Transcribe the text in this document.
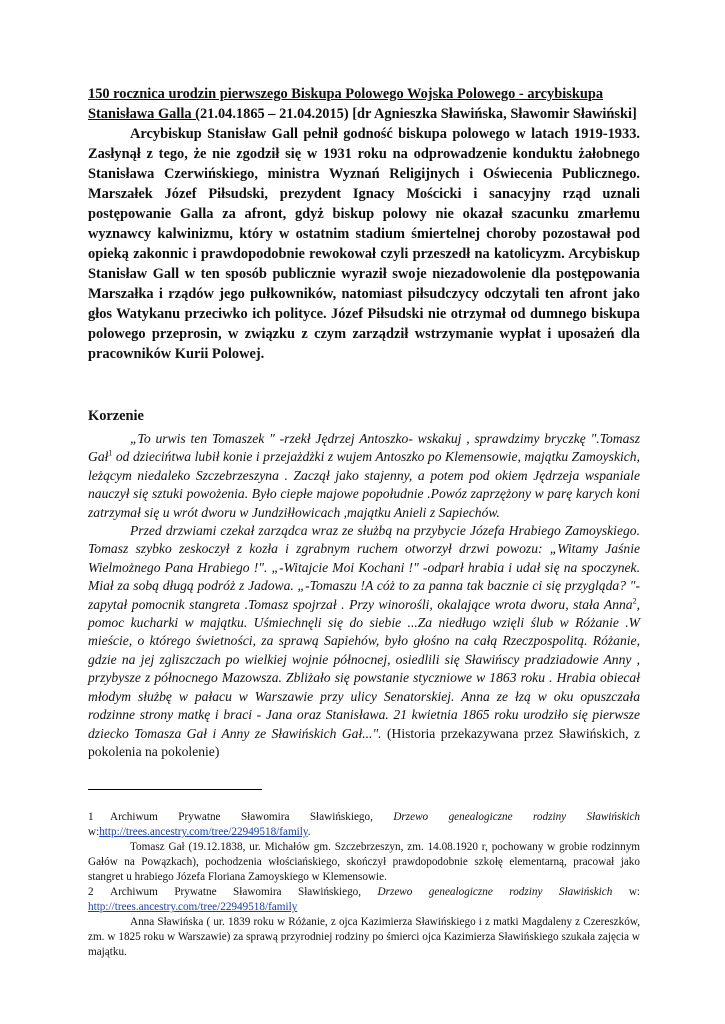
150 rocznica urodzin pierwszego Biskupa Polowego Wojska Polowego - arcybiskupa Stanisława Galla (21.04.1865 – 21.04.2015) [dr Agnieszka Sławińska, Sławomir Sławiński]

Arcybiskup Stanisław Gall pełnił godność biskupa polowego w latach 1919-1933. Zasłynął z tego, że nie zgodził się w 1931 roku na odprowadzenie konduktu żałobnego Stanisława Czerwińskiego, ministra Wyznań Religijnych i Oświecenia Publicznego. Marszałek Józef Piłsudski, prezydent Ignacy Mościcki i sanacyjny rząd uznali postępowanie Galla za afront, gdyż biskup polowy nie okazał szacunku zmarłemu wyznawcy kalwinizmu, który w ostatnim stadium śmiertelnej choroby pozostawał pod opieką zakonnic i prawdopodobnie rewokował czyli przeszedł na katolicyzm. Arcybiskup Stanisław Gall w ten sposób publicznie wyraził swoje niezadowolenie dla postępowania Marszałka i rządów jego pułkowników, natomiast piłsudczycy odczytali ten afront jako głos Watykanu przeciwko ich polityce. Józef Piłsudski nie otrzymał od dumnego biskupa polowego przeprosin, w związku z czym zarządził wstrzymanie wypłat i uposażeń dla pracowników Kurii Polowej.

Korzenie

„To urwis ten Tomaszek " -rzekł Jędrzej Antoszko- wskakuj , sprawdzimy bryczkę ".Tomasz Gał$^1$ od dziecińtwa lubił konie i przejażdżki z wujem Antoszko po Klemensowie, majątku Zamoyskich, leżącym niedaleko Szczebrzeszyna . Zaczął jako stajenny, a potem pod okiem Jędrzeja wspaniale nauczył się sztuki powożenia. Było ciepłe majowe popołudnie .Powóz zaprzężony w parę karych koni zatrzymał się u wrót dworu w Jundziłłowicach ,majątku Anieli z Sapiechów.

Przed drzwiami czekał zarządca wraz ze służbą na przybycie Józefa Hrabiego Zamoyskiego. Tomasz szybko zeskoczył z kozła i zgrabnym ruchem otworzył drzwi powozu: „Witamy Jaśnie Wielmożnego Pana Hrabiego !". „-Witajcie Moi Kochani !" -odparł hrabia i udał się na spoczynek. Miał za sobą długą podróż z Jadowa. „-Tomaszu !A cóż to za panna tak bacznie ci się przygląda? "- zapytał pomocnik stangreta .Tomasz spojrzał . Przy winorośli, okalające wrota dworu, stała Anna$^2$, pomoc kucharki w majątku. Uśmiechnęli się do siebie ...Za niedługo wzięli ślub w Różanie .W mieście, o którego świetności, za sprawą Sapiehów, było głośno na całą Rzeczpospolitą. Różanie, gdzie na jej zgliszczach po wielkiej wojnie północnej, osiedlili się Sławińscy pradziadowie Anny , przybysze z północnego Mazowsza. Zbliżało się powstanie styczniowe w 1863 roku . Hrabia obiecał młodym służbę w pałacu w Warszawie przy ulicy Senatorskiej. Anna ze łzą w oku opuszczała rodzinne strony matkę i braci - Jana oraz Stanisława. 21 kwietnia 1865 roku urodziło się pierwsze dziecko Tomasza Gał i Anny ze Sławińskich Gał...". (Historia przekazywana przez Sławińskich, z pokolenia na pokolenie)

1 Archiwum Prywatne Sławomira Sławińskiego, Drzewo genealogiczne rodziny Sławińskich w:http://trees.ancestry.com/tree/22949518/family.

Tomasz Gał (19.12.1838, ur. Michałów gm. Szczebrzeszyn, zm. 14.08.1920 r, pochowany w grobie rodzinnym Gałów na Powązkach), pochodzenia włościańskiego, skończył prawdopodobnie szkołę elementarną, pracował jako stangret u hrabiego Józefa Floriana Zamoyskiego w Klemensowie.

2 Archiwum Prywatne Sławomira Sławińskiego, Drzewo genealogiczne rodziny Sławińskich w: http://trees.ancestry.com/tree/22949518/family

Anna Sławińska ( ur. 1839 roku w Różanie, z ojca Kazimierza Sławińskiego i z matki Magdaleny z Czereszków, zm. w 1825 roku w Warszawie) za sprawą przyrodniej rodziny po śmierci ojca Kazimierza Sławińskiego szukała zajęcia w majątku.
